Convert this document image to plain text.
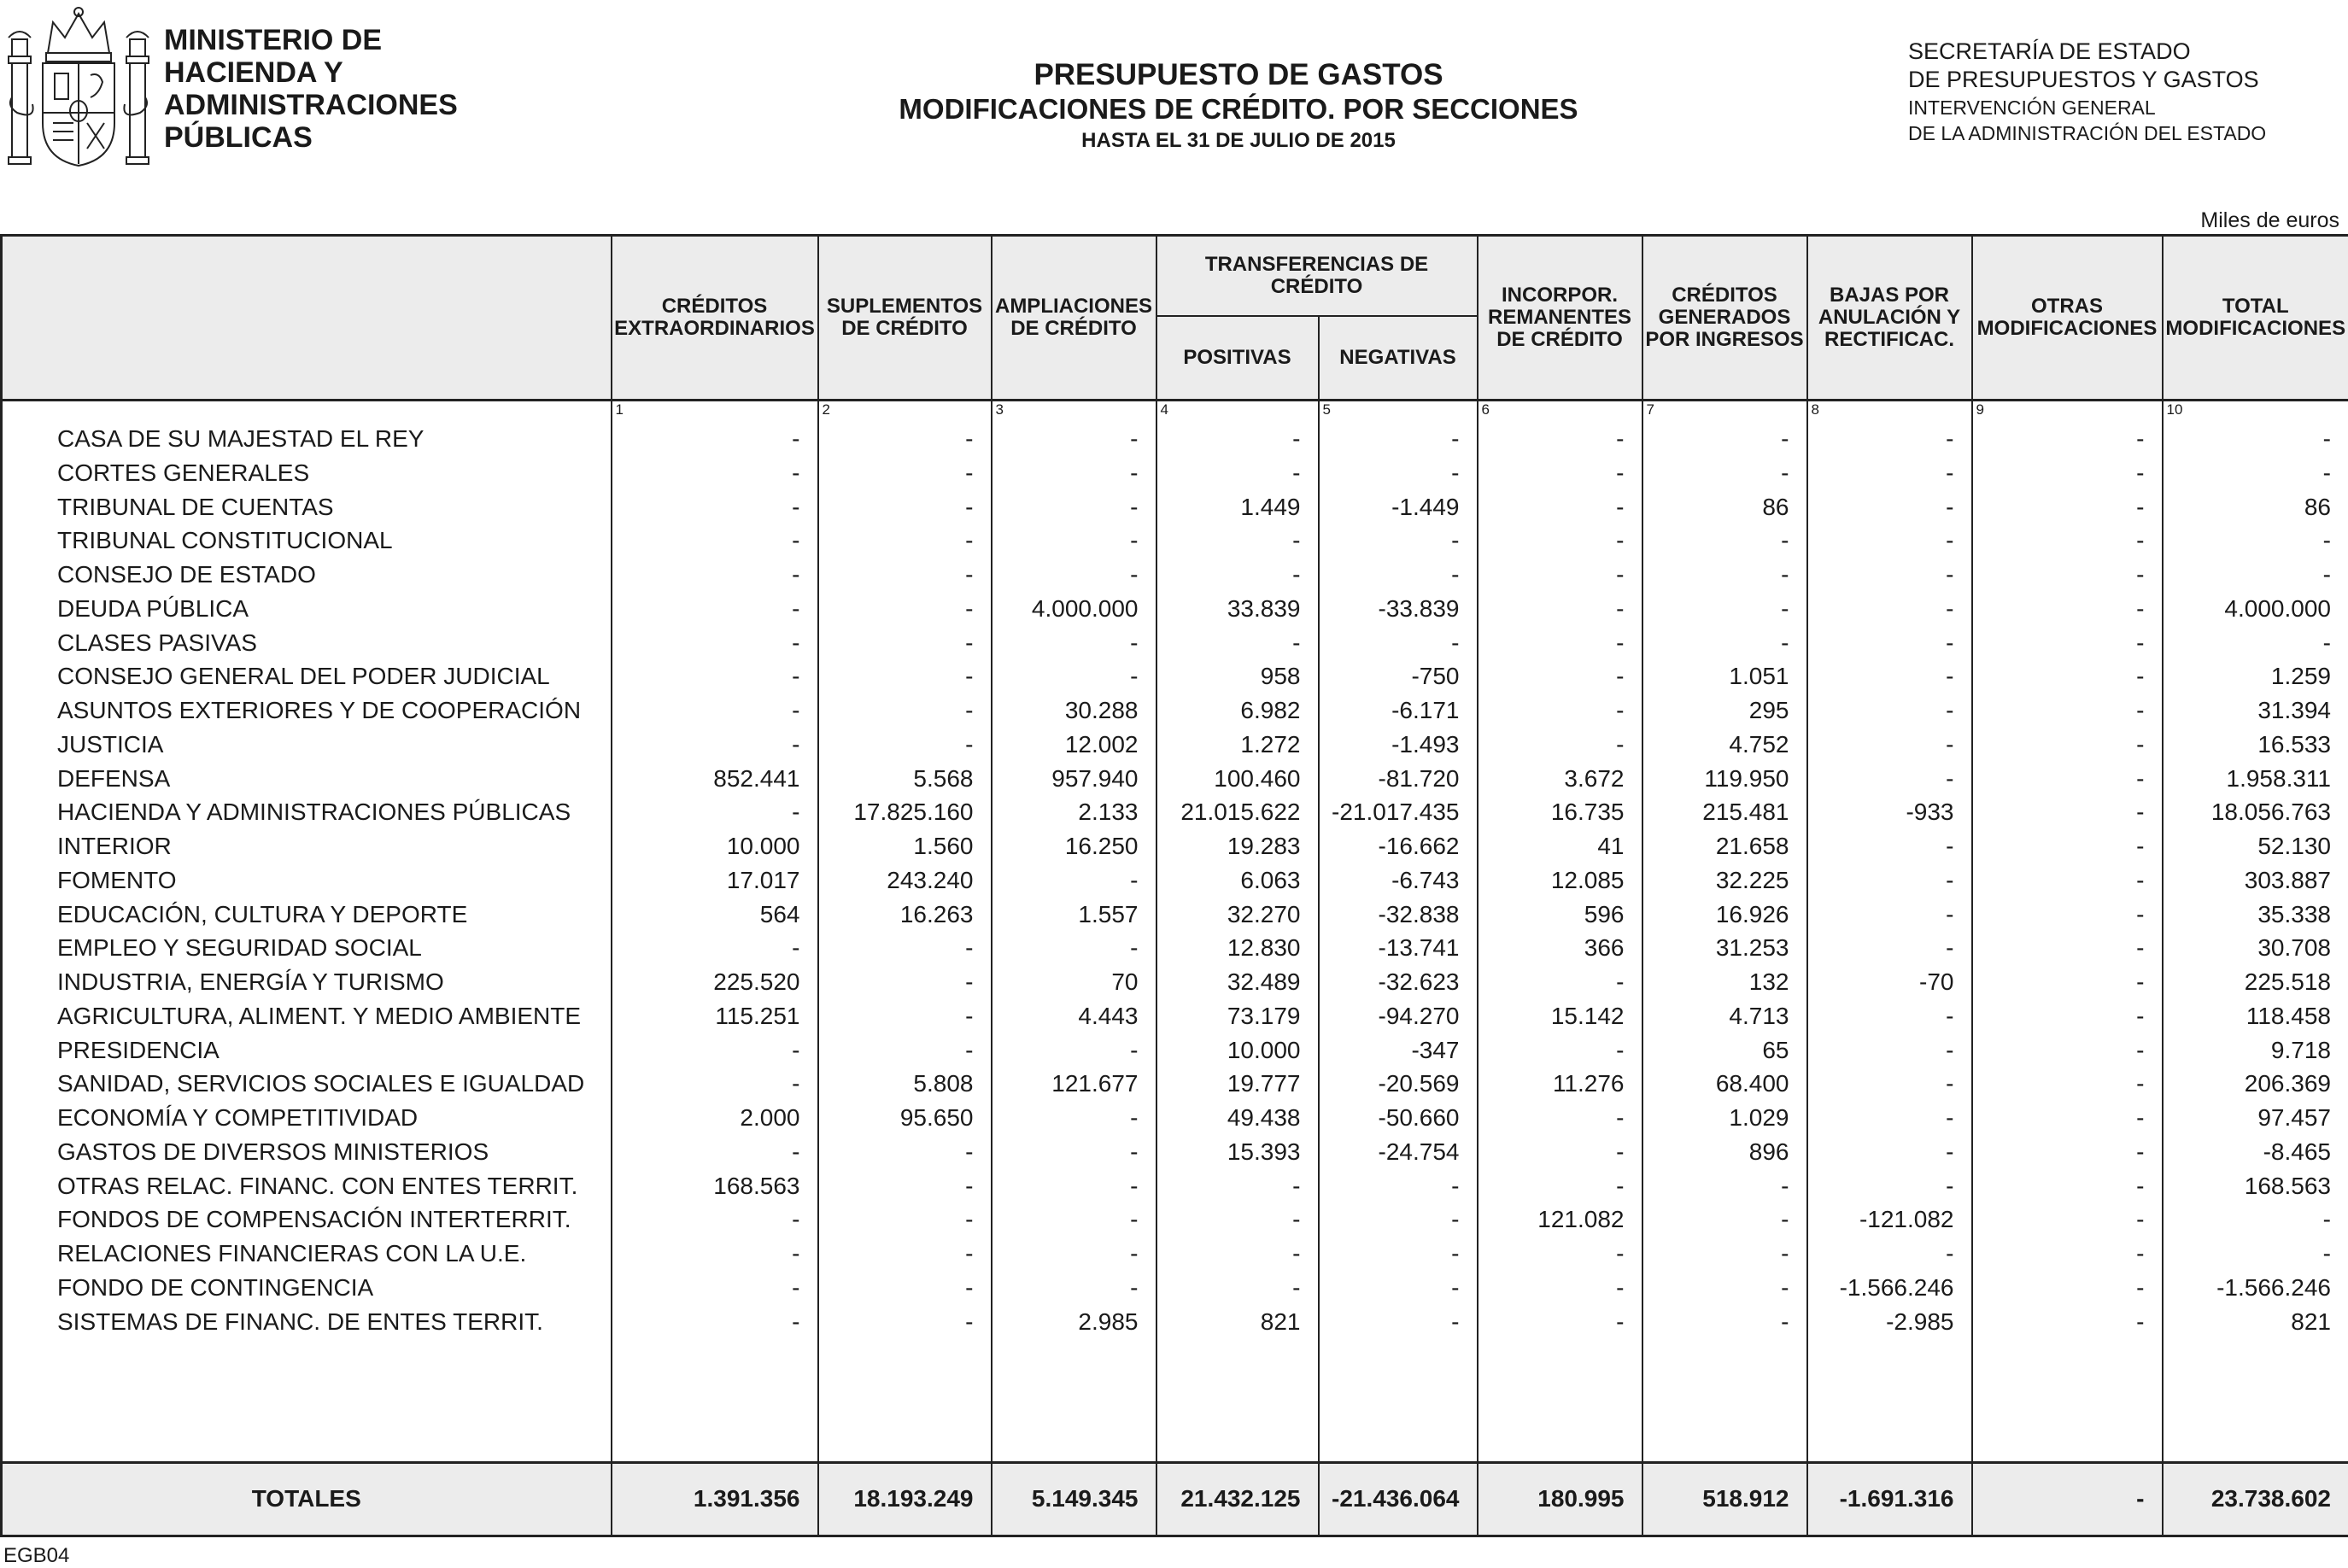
MINISTERIO DE
HACIENDA Y
ADMINISTRACIONES
PÚBLICAS
PRESUPUESTO DE GASTOS
MODIFICACIONES DE CRÉDITO. POR SECCIONES
HASTA EL 31 DE JULIO DE 2015
SECRETARÍA DE ESTADO
DE PRESUPUESTOS Y GASTOS
INTERVENCIÓN GENERAL
DE LA ADMINISTRACIÓN DEL ESTADO
Miles de euros
	CRÉDITOS EXTRAORDINARIOS	SUPLEMENTOS DE CRÉDITO	AMPLIACIONES DE CRÉDITO	TRANSFERENCIAS DE CRÉDITO		INCORPOR. REMANENTES DE CRÉDITO	CRÉDITOS GENERADOS POR INGRESOS	BAJAS POR ANULACIÓN Y RECTIFICAC.	OTRAS MODIFICACIONES	TOTAL MODIFICACIONES
				POSITIVAS	NEGATIVAS					
	1	2	3	4	5	6	7	8	9	10
CASA DE SU MAJESTAD EL REY	-	-	-	-	-	-	-	-	-	-
CORTES GENERALES	-	-	-	-	-	-	-	-	-	-
TRIBUNAL DE CUENTAS	-	-	-	1.449	-1.449	-	86	-	-	86
TRIBUNAL CONSTITUCIONAL	-	-	-	-	-	-	-	-	-	-
CONSEJO DE ESTADO	-	-	-	-	-	-	-	-	-	-
DEUDA PÚBLICA	-	-	4.000.000	33.839	-33.839	-	-	-	-	4.000.000
CLASES PASIVAS	-	-	-	-	-	-	-	-	-	-
CONSEJO GENERAL DEL PODER JUDICIAL	-	-	-	958	-750	-	1.051	-	-	1.259
ASUNTOS EXTERIORES Y DE COOPERACIÓN	-	-	30.288	6.982	-6.171	-	295	-	-	31.394
JUSTICIA	-	-	12.002	1.272	-1.493	-	4.752	-	-	16.533
DEFENSA	852.441	5.568	957.940	100.460	-81.720	3.672	119.950	-	-	1.958.311
HACIENDA Y ADMINISTRACIONES PÚBLICAS	-	17.825.160	2.133	21.015.622	-21.017.435	16.735	215.481	-933	-	18.056.763
INTERIOR	10.000	1.560	16.250	19.283	-16.662	41	21.658	-	-	52.130
FOMENTO	17.017	243.240	-	6.063	-6.743	12.085	32.225	-	-	303.887
EDUCACIÓN, CULTURA Y DEPORTE	564	16.263	1.557	32.270	-32.838	596	16.926	-	-	35.338
EMPLEO Y SEGURIDAD SOCIAL	-	-	-	12.830	-13.741	366	31.253	-	-	30.708
INDUSTRIA, ENERGÍA Y TURISMO	225.520	-	70	32.489	-32.623	-	132	-70	-	225.518
AGRICULTURA, ALIMENT. Y MEDIO AMBIENTE	115.251	-	4.443	73.179	-94.270	15.142	4.713	-	-	118.458
PRESIDENCIA	-	-	-	10.000	-347	-	65	-	-	9.718
SANIDAD, SERVICIOS SOCIALES E IGUALDAD	-	5.808	121.677	19.777	-20.569	11.276	68.400	-	-	206.369
ECONOMÍA Y COMPETITIVIDAD	2.000	95.650	-	49.438	-50.660	-	1.029	-	-	97.457
GASTOS DE DIVERSOS MINISTERIOS	-	-	-	15.393	-24.754	-	896	-	-	-8.465
OTRAS RELAC. FINANC. CON ENTES TERRIT.	168.563	-	-	-	-	-	-	-	-	168.563
FONDOS DE COMPENSACIÓN INTERTERRIT.	-	-	-	-	-	121.082	-	-121.082	-	-
RELACIONES FINANCIERAS CON LA U.E.	-	-	-	-	-	-	-	-	-	-
FONDO DE CONTINGENCIA	-	-	-	-	-	-	-	-1.566.246	-	-1.566.246
SISTEMAS DE FINANC. DE ENTES TERRIT.	-	-	2.985	821	-	-	-	-2.985	-	821

TOTALES	1.391.356	18.193.249	5.149.345	21.432.125	-21.436.064	180.995	518.912	-1.691.316	-	23.738.602
EGB04
